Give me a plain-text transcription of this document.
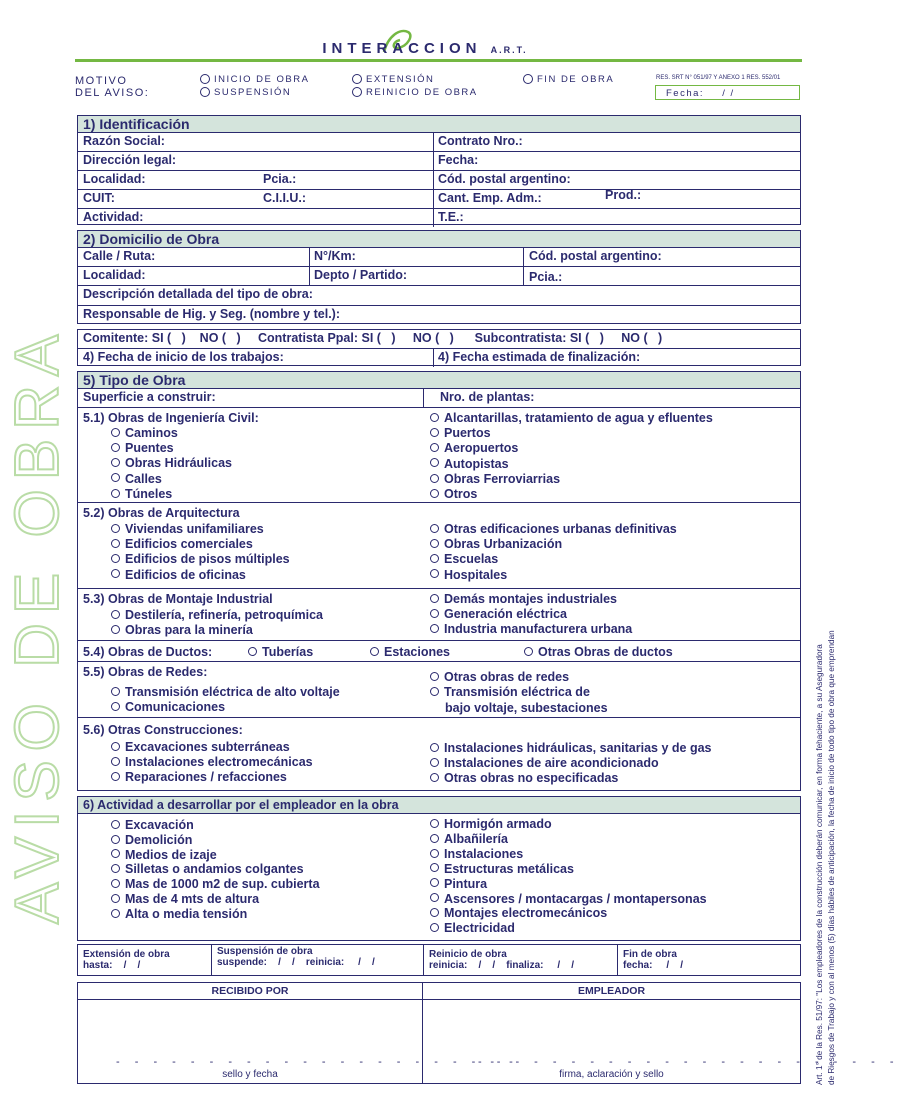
INTERACCION A.R.T.
MOTIVO
DEL AVISO:
INICIO DE OBRA	EXTENSIÓN	FIN DE OBRA
SUSPENSIÓN	REINICIO DE OBRA
RES. SRT N° 051/97 Y ANEXO 1 RES. 552/01
Fecha: / /
AVISO DE OBRA	Art. 1° de la Res. 51/97: "Los empleadores de la construcción deberán comunicar, en forma fehaciente, a su Aseguradora de Riesgos de Trabajo y con al menos (5) días hábiles de anticipación, la fecha de inicio de todo tipo de obra que emprendan
1) Identificación
Razón Social:	Contrato Nro.:
Dirección legal:	Fecha:
Localidad:	Pcia.:	Cód. postal argentino:
CUIT:	C.I.I.U.:	Cant. Emp. Adm.:	Prod.:
Actividad:	T.E.:
2) Domicilio de Obra
Calle / Ruta:	N°/Km:	Cód. postal argentino:
Localidad:	Depto / Partido:	Pcia.:
Descripción detallada del tipo de obra:
Responsable de Hig. y Seg. (nombre y tel.):
Comitente: SI (   )    NO (   )     Contratista Ppal: SI (   )     NO (   )      Subcontratista: SI (   )     NO (   )
4) Fecha de inicio de los trabajos:	4) Fecha estimada de finalización:
5) Tipo de Obra
Superficie a construir:	Nro. de plantas:
5.1) Obras de Ingeniería Civil:
Caminos
Puentes
Obras Hidráulicas
Calles
Túneles
Alcantarillas, tratamiento de agua y efluentes
Puertos
Aeropuertos
Autopistas
Obras Ferroviarrias
Otros
5.2) Obras de Arquitectura
Viviendas unifamiliares
Edificios comerciales
Edificios de pisos múltiples
Edificios de oficinas
Otras edificaciones urbanas definitivas
Obras Urbanización
Escuelas
Hospitales
5.3) Obras de Montaje Industrial
Destilería, refinería, petroquímica
Obras para la minería
Demás montajes industriales
Generación eléctrica
Industria manufacturera urbana
5.4) Obras de Ductos:	Tuberías	Estaciones	Otras Obras de ductos
5.5) Obras de Redes:
Transmisión eléctrica de alto voltaje
Comunicaciones
Otras obras de redes
Transmisión eléctrica de
bajo voltaje, subestaciones
5.6) Otras Construcciones:
Excavaciones subterráneas
Instalaciones electromecánicas
Reparaciones / refacciones
Instalaciones hidráulicas, sanitarias y de gas
Instalaciones de aire acondicionado
Otras obras no especificadas
6) Actividad a desarrollar por el empleador en la obra
Excavación
Demolición
Medios de izaje
Silletas o andamios colgantes
Mas de 1000 m2 de sup. cubierta
Mas de 4 mts de altura
Alta o media tensión
Hormigón armado
Albañilería
Instalaciones
Estructuras metálicas
Pintura
Ascensores / montacargas / montapersonas
Montajes electromecánicos
Electricidad
Extensión de obra
hasta:    /    /
Suspensión de obra
suspende:    /    /    reinicia:     /    /
Reinicio de obra
reinicia:    /    /    finaliza:     /    /
Fin de obra
fecha:     /    /
RECIBIDO POR	EMPLEADOR
- - - - - - - - - - - - - - - - - - - - - -
- - - - - - - - - - - - - - - - - - - - - - -
sello y fecha	firma, aclaración y sello
